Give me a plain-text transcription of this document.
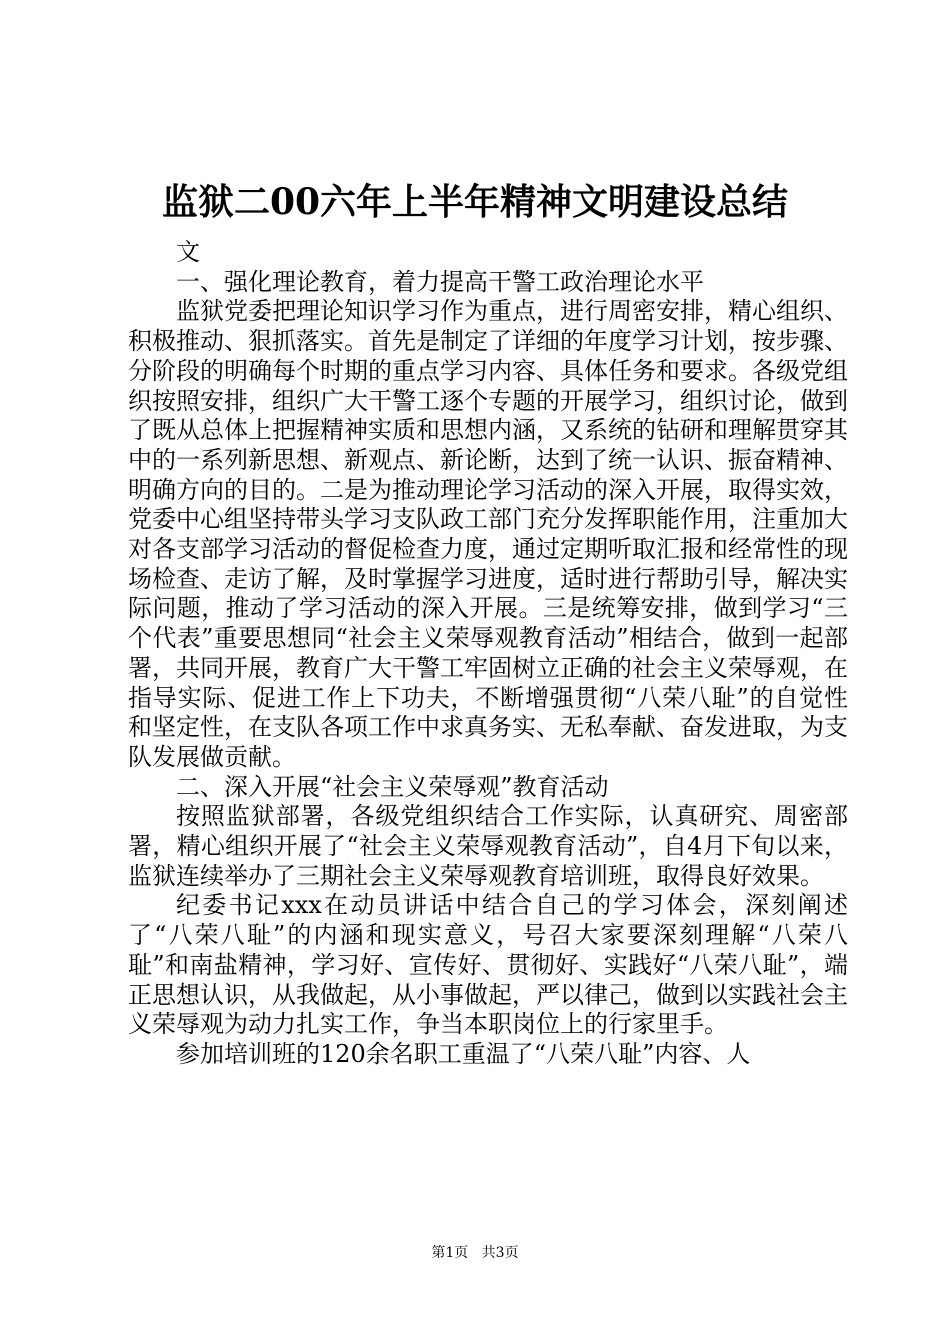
监狱二00六年上半年精神文明建设总结

文

一、强化理论教育，着力提高干警工政治理论水平

监狱党委把理论知识学习作为重点，进行周密安排，精心组织、积极推动、狠抓落实。首先是制定了详细的年度学习计划，按步骤、分阶段的明确每个时期的重点学习内容、具体任务和要求。各级党组织按照安排，组织广大干警工逐个专题的开展学习，组织讨论，做到了既从总体上把握精神实质和思想内涵，又系统的钻研和理解贯穿其中的一系列新思想、新观点、新论断，达到了统一认识、振奋精神、明确方向的目的。二是为推动理论学习活动的深入开展，取得实效，党委中心组坚持带头学习支队政工部门充分发挥职能作用，注重加大对各支部学习活动的督促检查力度，通过定期听取汇报和经常性的现场检查、走访了解，及时掌握学习进度，适时进行帮助引导，解决实际问题，推动了学习活动的深入开展。三是统筹安排，做到学习“三个代表”重要思想同“社会主义荣辱观教育活动”相结合，做到一起部署，共同开展，教育广大干警工牢固树立正确的社会主义荣辱观，在指导实际、促进工作上下功夫，不断增强贯彻“八荣八耻”的自觉性和坚定性，在支队各项工作中求真务实、无私奉献、奋发进取，为支队发展做贡献。

二、深入开展“社会主义荣辱观”教育活动

按照监狱部署，各级党组织结合工作实际，认真研究、周密部署，精心组织开展了“社会主义荣辱观教育活动”，自4月下旬以来，监狱连续举办了三期社会主义荣辱观教育培训班，取得良好效果。

纪委书记xxx在动员讲话中结合自己的学习体会，深刻阐述了“八荣八耻”的内涵和现实意义，号召大家要深刻理解“八荣八耻”和南盐精神，学习好、宣传好、贯彻好、实践好“八荣八耻”，端正思想认识，从我做起，从小事做起，严以律己，做到以实践社会主义荣辱观为动力扎实工作，争当本职岗位上的行家里手。

参加培训班的120余名职工重温了“八荣八耻”内容、人

第1页 共3页
